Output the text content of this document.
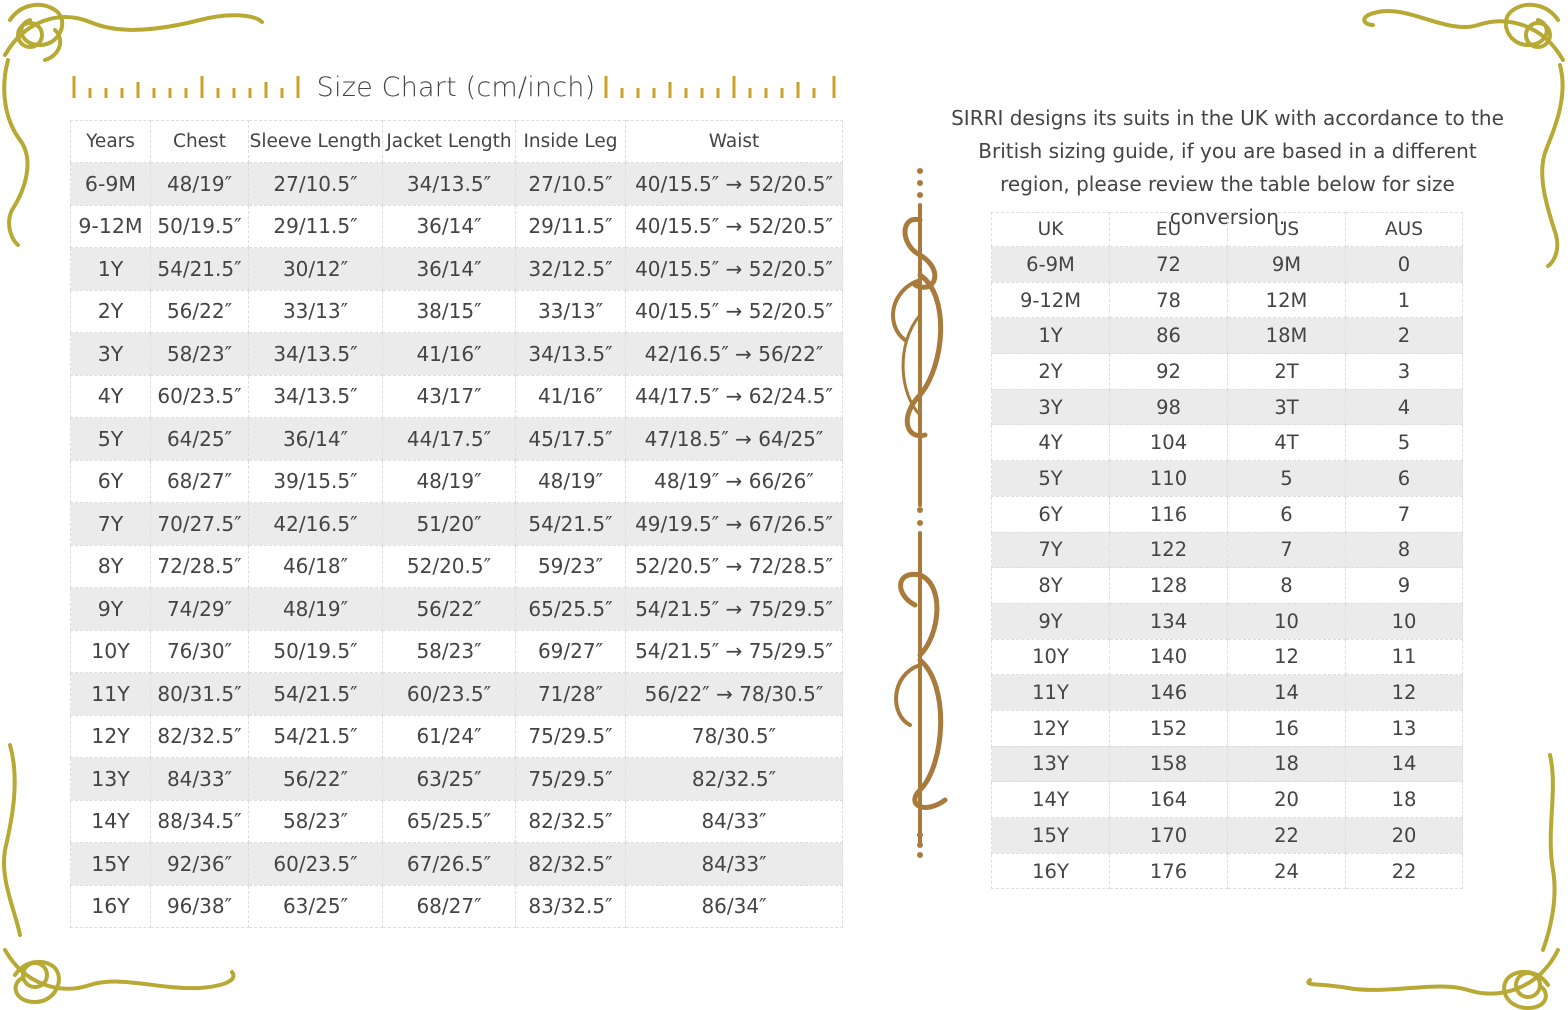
Size Chart (cm/inch)
Years	Chest	Sleeve Length	Jacket Length	Inside Leg	Waist
6-9M	48/19″	27/10.5″	34/13.5″	27/10.5″	40/15.5″ → 52/20.5″
9-12M	50/19.5″	29/11.5″	36/14″	29/11.5″	40/15.5″ → 52/20.5″
1Y	54/21.5″	30/12″	36/14″	32/12.5″	40/15.5″ → 52/20.5″
2Y	56/22″	33/13″	38/15″	33/13″	40/15.5″ → 52/20.5″
3Y	58/23″	34/13.5″	41/16″	34/13.5″	42/16.5″ → 56/22″
4Y	60/23.5″	34/13.5″	43/17″	41/16″	44/17.5″ → 62/24.5″
5Y	64/25″	36/14″	44/17.5″	45/17.5″	47/18.5″ → 64/25″
6Y	68/27″	39/15.5″	48/19″	48/19″	48/19″ → 66/26″
7Y	70/27.5″	42/16.5″	51/20″	54/21.5″	49/19.5″ → 67/26.5″
8Y	72/28.5″	46/18″	52/20.5″	59/23″	52/20.5″ → 72/28.5″
9Y	74/29″	48/19″	56/22″	65/25.5″	54/21.5″ → 75/29.5″
10Y	76/30″	50/19.5″	58/23″	69/27″	54/21.5″ → 75/29.5″
11Y	80/31.5″	54/21.5″	60/23.5″	71/28″	56/22″ → 78/30.5″
12Y	82/32.5″	54/21.5″	61/24″	75/29.5″	78/30.5″
13Y	84/33″	56/22″	63/25″	75/29.5″	82/32.5″
14Y	88/34.5″	58/23″	65/25.5″	82/32.5″	84/33″
15Y	92/36″	60/23.5″	67/26.5″	82/32.5″	84/33″
16Y	96/38″	63/25″	68/27″	83/32.5″	86/34″
SIRRI designs its suits in the UK with accordance to the British sizing guide, if you are based in a different region, please review the table below for size conversion.
UK	EU	US	AUS
6-9M	72	9M	0
9-12M	78	12M	1
1Y	86	18M	2
2Y	92	2T	3
3Y	98	3T	4
4Y	104	4T	5
5Y	110	5	6
6Y	116	6	7
7Y	122	7	8
8Y	128	8	9
9Y	134	10	10
10Y	140	12	11
11Y	146	14	12
12Y	152	16	13
13Y	158	18	14
14Y	164	20	18
15Y	170	22	20
16Y	176	24	22
